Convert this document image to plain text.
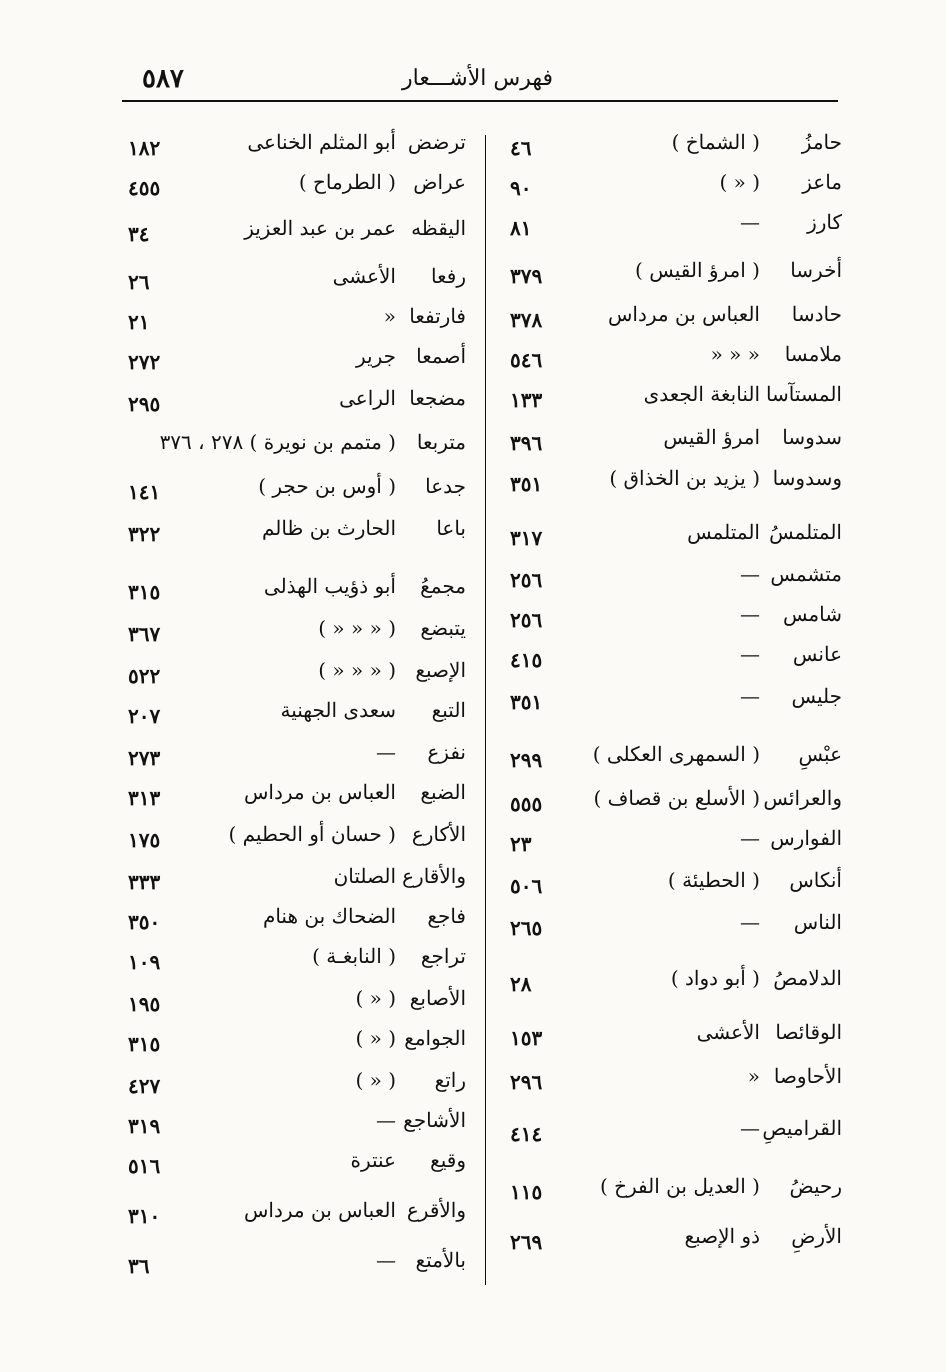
٥٨٧	فهرس الأشـــعار
حامزُ
( الشماخ )
٤٦
ماعز
( « )
٩٠
كارز
—
٨١
أخرسا
( امرؤ القيس )
٣٧٩
حادسا
العباس بن مرداس
٣٧٨
ملامسا
« « «
٥٤٦
المستآسا
النابغة الجعدى
١٣٣
سدوسا
امرؤ القيس
٣٩٦
وسدوسا
( يزيد بن الخذاق )
٣٥١
المتلمسُ
المتلمس
٣١٧
متشمس
—
٢٥٦
شامس
—
٢٥٦
عانس
—
٤١٥
جليس
—
٣٥١
عبْسِ
( السمهرى العكلى )
٢٩٩
والعرائس
( الأسلع بن قصاف )
٥٥٥
الفوارس
—
٢٣
أنكاس
( الحطيئة )
٥٠٦
الناس
—
٢٦٥
الدلامصُ
( أبو دواد )
٢٨
الوقائصا
الأعشى
١٥٣
الأحاوصا
«
٢٩٦
القراميصِ
—
٤١٤
رحيضُ
( العديل بن الفرخ )
١١٥
الأرضِ
ذو الإصبع
٢٦٩
ترضض
أبو المثلم الخناعى
١٨٢
عراض
( الطرماح )
٤٥٥
اليقظه
عمر بن عبد العزيز
٣٤
رفعا
الأعشى
٢٦
فارتفعا
«
٢١
أصمعا
جرير
٢٧٢
مضجعا
الراعى
٢٩٥
متربعا
( متمم بن نويرة ) ٢٧٨ ، ٣٧٦
جدعا
( أوس بن حجر )
١٤١
باعا
الحارث بن ظالم
٣٢٢
مجمعُ
أبو ذؤيب الهذلى
٣١٥
يتبضع
( « « « )
٣٦٧
الإصبع
( « « « )
٥٢٢
التبع
سعدى الجهنية
٢٠٧
نفزع
—
٢٧٣
الضبع
العباس بن مرداس
٣١٣
الأكارع
( حسان أو الحطيم )
١٧٥
والأقارع
الصلتان
٣٣٣
فاجع
الضحاك بن هنام
٣٥٠
تراجع
( النابغـة )
١٠٩
الأصابع
( « )
١٩٥
الجوامع
( « )
٣١٥
راتع
( « )
٤٢٧
الأشاجع
—
٣١٩
وقيع
عنترة
٥١٦
والأقرع
العباس بن مرداس
٣١٠
بالأمتع
—
٣٦
